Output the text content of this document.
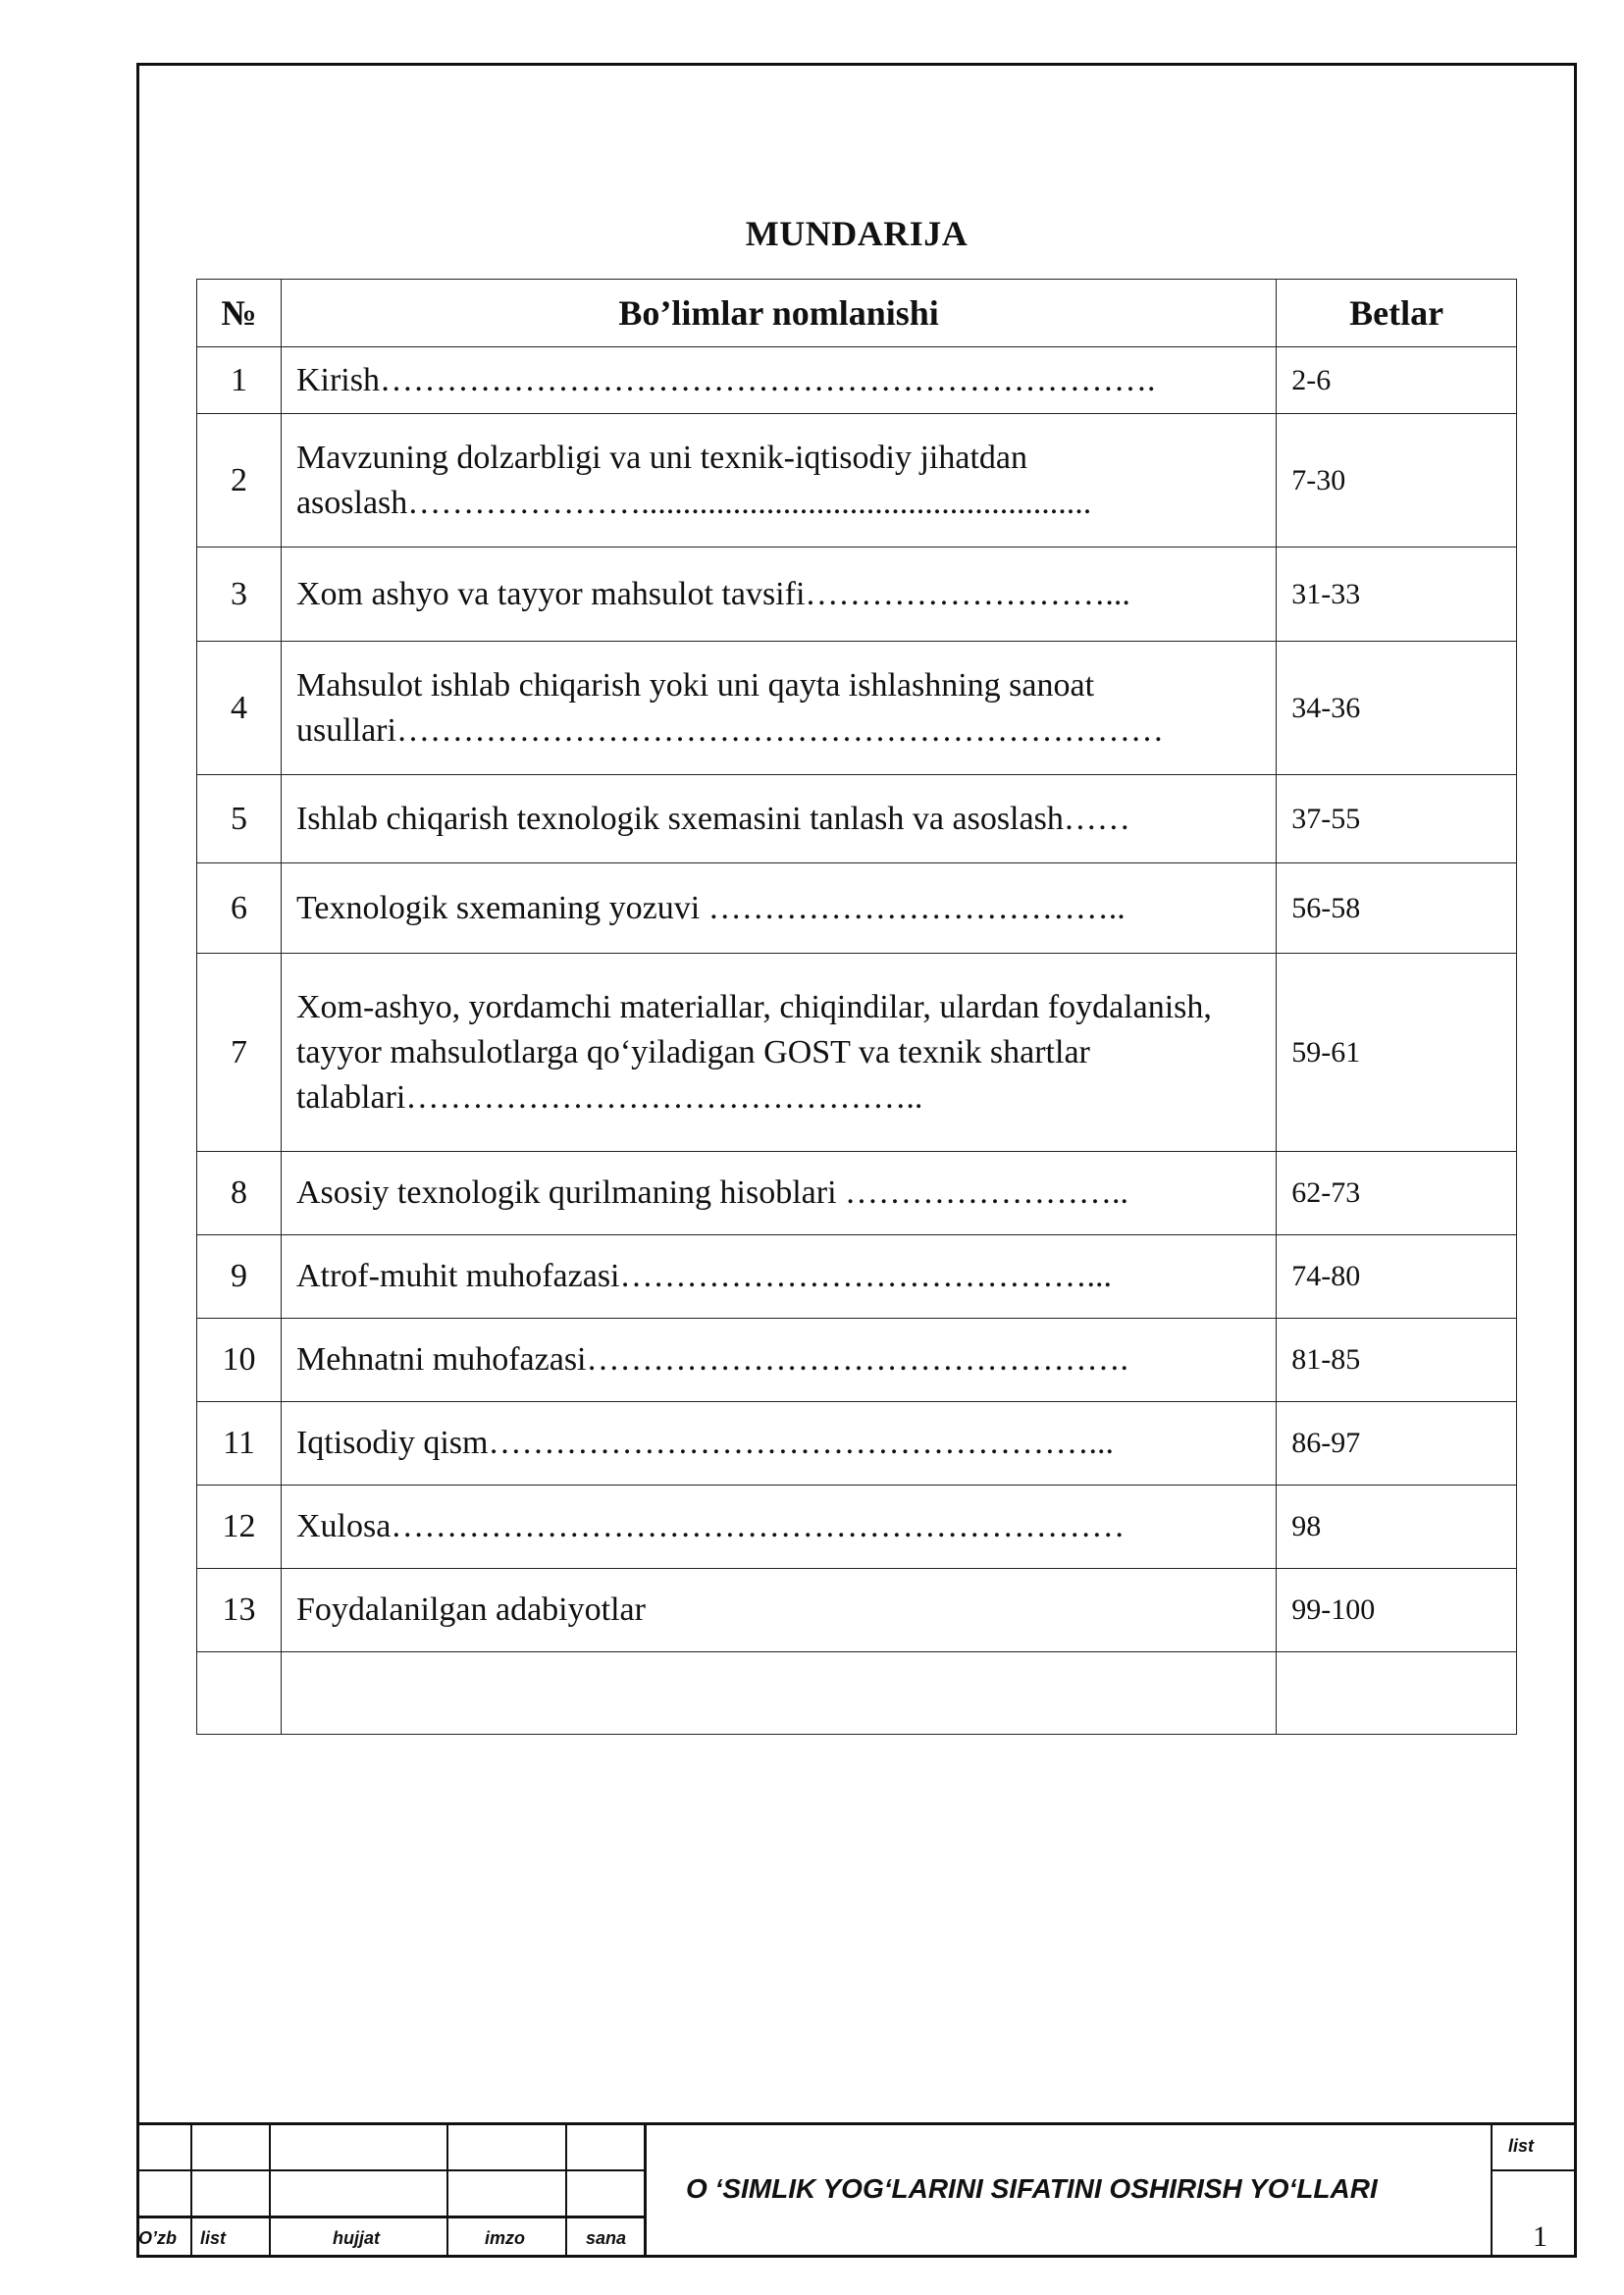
MUNDARIJA
№	Bo’limlar nomlanishi	Betlar
1	Kirish…………………………………………………………….	2-6
2	Mavzuning dolzarbligi va uni texnik-iqtisodiy jihatdan asoslash…………………......................................................	7-30
3	Xom ashyo va tayyor mahsulot tavsifi………………………...	31-33
4	Mahsulot ishlab chiqarish yoki uni qayta ishlashning sanoat usullari……………………………………………………………	34-36
5	Ishlab chiqarish texnologik sxemasini tanlash va asoslash……	37-55
6	Texnologik sxemaning yozuvi ………………………………..	56-58
7	Xom-ashyo, yordamchi materiallar, chiqindilar, ulardan foydalanish, tayyor mahsulotlarga qo‘yiladigan GOST va texnik shartlar talablari………………………………………..	59-61
8	Asosiy texnologik qurilmaning hisoblari ……………………..	62-73
9	Atrof-muhit muhofazasi……………………………………...	74-80
10	Mehnatni muhofazasi………………………………………….	81-85
11	Iqtisodiy qism………………………………………………...	86-97
12	Xulosa…………………………………………………………	98
13	Foydalanilgan adabiyotlar	99-100

O’zb list	hujjat	imzo	sana
O ‘SIMLIK YOG‘LARINI SIFATINI OSHIRISH YO‘LLARI
list
1
